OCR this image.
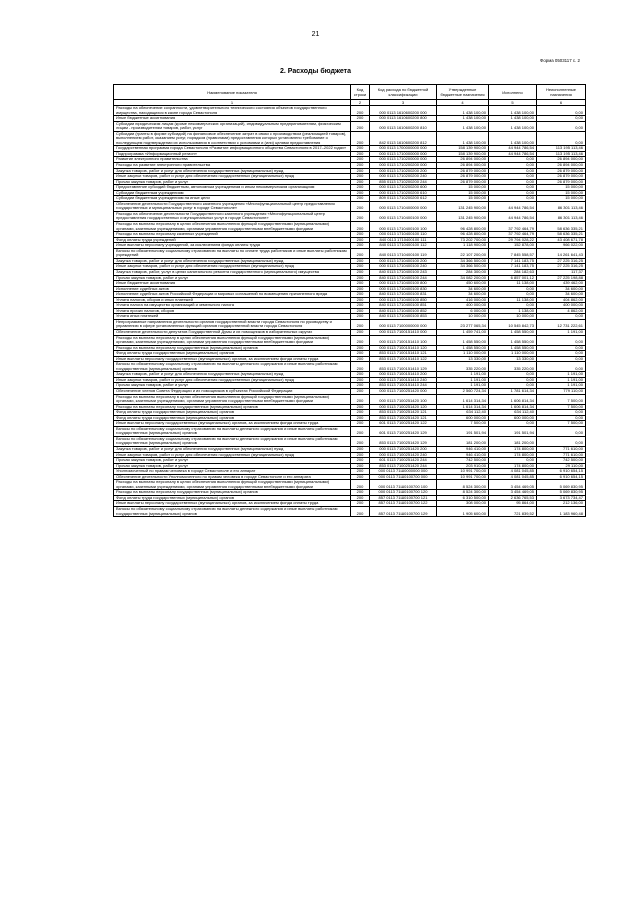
21
Форма 0503117 с. 2
2. Расходы бюджета
Наименование показателя	Код строки	Код расхода по бюджетной классификации	Утвержденные бюджетные назначения	Исполнено	Неисполненные назначения
1	2	3	4	5	6
Расходы на обеспечение сохранности, удовлетворительного технического состояния объектов государственного имущества, находящихся в казне города Севастополя	200	000 0113 1610600200 000	1 438 100,00	1 438 100,00	0,00
Иные бюджетные ассигнования	200	000 0113 1610600200 800	1 438 100,00	1 438 100,00	0,00
Субсидии юридическим лицам (кроме некоммерческих организаций), индивидуальным предпринимателям, физическим лицам - производителям товаров, работ, услуг	200	000 0113 1610600200 810	1 438 100,00	1 438 100,00	0,00
Субсидии (гранты в форме субсидий) на финансовое обеспечение затрат в связи с производством (реализацией товаров), выполнением работ, оказанием услуг, порядком (правилами) предоставления которых установлено требование о последующем подтверждении их использования в соответствии с условиями и (или) целями предоставления	200	842 0113 1610600200 812	1 438 100,00	1 438 100,00	0,00
Государственная программа города Севастополя «Развитие информационного общества Севастополя в 2017–2022 годах»	200	000 0113 1700000000 000	158 139 900,00	44 944 786,54	113 195 113,46
Подпрограмма «Информационный регион»	200	000 0113 1710000000 000	158 139 900,00	44 944 786,54	113 195 113,46
Развитие электронного правительства	200	000 0113 1710200000 000	26 894 000,00	0,00	26 894 000,00
Расходы на развитие электронного правительства	200	000 0113 1710200200 000	26 894 000,00	0,00	26 894 000,00
Закупка товаров, работ и услуг для обеспечения государственных (муниципальных) нужд	200	000 0113 1710200200 200	26 879 000,00	0,00	26 879 000,00
Иные закупки товаров, работ и услуг для обеспечения государственных (муниципальных) нужд	200	000 0113 1710200200 240	26 879 000,00	0,00	26 879 000,00
Прочая закупка товаров, работ и услуг	200	855 0113 1710200200 244	26 879 000,00	0,00	26 879 000,00
Предоставление субсидий бюджетным, автономным учреждениям и иным некоммерческим организациям	200	000 0113 1710200200 600	15 000,00	0,00	15 000,00
Субсидии бюджетным учреждениям	200	000 0113 1710200200 610	15 000,00	0,00	15 000,00
Субсидии бюджетным учреждениям на иные цели	200	809 0113 1710200200 612	15 000,00	0,00	15 000,00
Обеспечение деятельности Государственного казенного учреждения «Многофункциональный центр предоставления государственных и муниципальных услуг в городе Севастополе»	200	000 0113 1710400000 000	131 245 900,00	44 944 786,54	86 301 113,46
Расходы на обеспечение деятельности Государственного казенного учреждения «Многофункциональный центр предоставления государственных и муниципальных услуг в городе Севастополе»	200	000 0113 1710400100 000	131 245 900,00	44 944 786,54	86 301 113,46
Расходы на выплаты персоналу в целях обеспечения выполнения функций государственными (муниципальными) органами, казенными учреждениями, органами управления государственными внебюджетными фондами	200	000 0113 1710400100 100	96 428 800,00	37 792 464,79	58 636 335,21
Расходы на выплаты персоналу казенных учреждений	200	000 0113 1710400100 110	96 428 800,00	37 792 464,79	58 636 335,21
Фонд оплаты труда учреждений	200	840 0113 1710400100 111	73 202 700,00	29 794 028,22	43 408 671,78
Иные выплаты персоналу учреждений, за исключением фонда оплаты труда	200	840 0113 1710400100 112	1 118 900,00	152 878,00	966 022,00
Взносы по обязательному социальному страхованию на выплаты по оплате труда работников и иные выплаты работникам учреждений	200	840 0113 1710400100 119	22 107 200,00	7 845 558,57	14 261 641,43
Закупка товаров, работ и услуг для обеспечения государственных (муниципальных) нужд	200	000 0113 1710400100 200	34 366 500,00	7 141 183,75	27 225 316,25
Иные закупки товаров, работ и услуг для обеспечения государственных (муниципальных) нужд	200	000 0113 1710400100 240	34 366 500,00	7 141 183,75	27 225 316,25
Закупка товаров, работ, услуг в целях капитального ремонта государственного (муниципального) имущества	200	840 0113 1710400100 243	284 300,00	284 182,63	117,37
Прочая закупка товаров, работ и услуг	200	840 0113 1710400100 244	34 082 200,00	6 857 001,12	27 225 198,88
Иные бюджетные ассигнования	200	000 0113 1710400100 800	450 600,00	11 138,00	439 462,00
Исполнение судебных актов	200	000 0113 1710400100 830	34 600,00	0,00	34 600,00
Исполнение судебных актов Российской Федерации и мировых соглашений по возмещению причиненного вреда	200	840 0113 1710400100 831	34 600,00	0,00	34 600,00
Уплата налогов, сборов и иных платежей	200	000 0113 1710400100 850	416 000,00	11 138,00	404 862,00
Уплата налога на имущество организаций и земельного налога	200	840 0113 1710400100 851	400 000,00	0,00	400 000,00
Уплата прочих налогов, сборов	200	840 0113 1710400100 852	6 000,00	1 138,00	4 862,00
Уплата иных платежей	200	840 0113 1710400100 853	10 000,00	10 000,00	0,00
Непрограммные направления деятельности органов государственной власти города Севастополя по руководству и управлению в сфере установленных функций органов государственной власти города Севастополя	200	000 0113 7100000000 000	23 277 065,34	10 545 842,73	12 731 222,61
Обеспечение деятельности депутатов Государственной Думы и их помощников в избирательных округах	200	000 0113 7100151410 000	1 459 741,00	1 458 550,00	1 191,00
Расходы на выплаты персоналу в целях обеспечения выполнения функций государственными (муниципальными) органами, казенными учреждениями, органами управления государственными внебюджетными фондами	200	000 0113 7100151410 100	1 458 550,00	1 458 550,00	0,00
Расходы на выплаты персоналу государственных (муниципальных) органов	200	000 0113 7100151410 120	1 458 550,00	1 458 550,00	0,00
Фонд оплаты труда государственных (муниципальных) органов	200	853 0113 7100151410 121	1 110 000,00	1 110 000,00	0,00
Иные выплаты персоналу государственных (муниципальных) органов, за исключением фонда оплаты труда	200	853 0113 7100151410 122	13 330,00	13 330,00	0,00
Взносы по обязательному социальному страхованию на выплаты денежного содержания и иные выплаты работникам государственных (муниципальных) органов	200	853 0113 7100151410 129	335 220,00	335 220,00	0,00
Закупка товаров, работ и услуг для обеспечения государственных (муниципальных) нужд	200	000 0113 7100151410 200	1 191,00	0,00	1 191,00
Иные закупки товаров, работ и услуг для обеспечения государственных (муниципальных) нужд	200	000 0113 7100151410 240	1 191,00	0,00	1 191,00
Прочая закупка товаров, работ и услуг	200	853 0113 7100151410 244	1 191,00	0,00	1 191,00
Обеспечение членов Совета Федерации и их помощников в субъектах Российской Федерации	200	000 0113 7100251420 000	2 560 724,34	1 781 614,34	779 110,00
Расходы на выплаты персоналу в целях обеспечения выполнения функций государственными (муниципальными) органами, казенными учреждениями, органами управления государственными внебюджетными фондами	200	000 0113 7100251420 100	1 614 314,34	1 606 814,34	7 500,00
Расходы на выплаты персоналу государственных (муниципальных) органов	200	000 0113 7100251420 120	1 614 314,34	1 606 814,34	7 500,00
Фонд оплаты труда государственных (муниципальных) органов	200	853 0113 7100251420 121	634 112,40	634 112,40	0,00
Фонд оплаты труда государственных (муниципальных) органов	200	853 0113 7100251420 121	600 000,00	600 000,00	0,00
Иные выплаты персоналу государственных (муниципальных) органов, за исключением фонда оплаты труда	200	601 0113 7100251420 122	7 500,00	0,00	7 500,00
Взносы по обязательному социальному страхованию на выплаты денежного содержания и иные выплаты работникам государственных (муниципальных) органов	200	601 0113 7100251420 129	191 501,94	191 501,94	0,00
Взносы по обязательному социальному страхованию на выплаты денежного содержания и иные выплаты работникам государственных (муниципальных) органов	200	853 0113 7100251420 129	181 200,00	181 200,00	0,00
Закупка товаров, работ и услуг для обеспечения государственных (муниципальных) нужд	200	000 0113 7100251420 200	946 410,00	174 800,00	771 610,00
Иные закупки товаров, работ и услуг для обеспечения государственных (муниципальных) нужд	200	000 0113 7100251420 240	946 410,00	174 800,00	771 610,00
Прочая закупка товаров, работ и услуг	200	601 0113 7100251420 244	742 500,00	0,00	742 500,00
Прочая закупка товаров, работ и услуг	200	853 0113 7100251420 244	203 910,00	174 800,00	29 110,00
Уполномоченный по правам человека в городе Севастополе и его аппарат	200	000 0113 71Ш0000000 000	10 991 700,00	4 081 045,85	6 910 654,15
Обеспечение деятельности Уполномоченного по правам человека в городе Севастополе и его аппарата	200	000 0113 71Ш0100700 000	10 991 700,00	4 081 045,85	6 910 654,15
Расходы на выплаты персоналу в целях обеспечения выполнения функций государственными (муниципальными) органами, казенными учреждениями, органами управления государственными внебюджетными фондами	200	000 0113 71Ш0100700 100	8 524 300,00	3 454 469,05	5 069 830,95
Расходы на выплаты персоналу государственных (муниципальных) органов	200	000 0113 71Ш0100700 120	8 524 300,00	3 454 469,05	5 069 830,95
Фонд оплаты труда государственных (муниципальных) органов	200	857 0113 71Ш0100700 121	6 310 500,00	2 636 765,53	3 673 734,47
Иные выплаты персоналу государственных (муниципальных) органов, за исключением фонда оплаты труда	200	857 0113 71Ш0100700 122	308 000,00	95 864,00	212 136,00
Взносы по обязательному социальному страхованию на выплаты денежного содержания и иные выплаты работникам государственных (муниципальных) органов	200	857 0113 71Ш0100700 129	1 905 600,00	721 839,52	1 183 960,48
